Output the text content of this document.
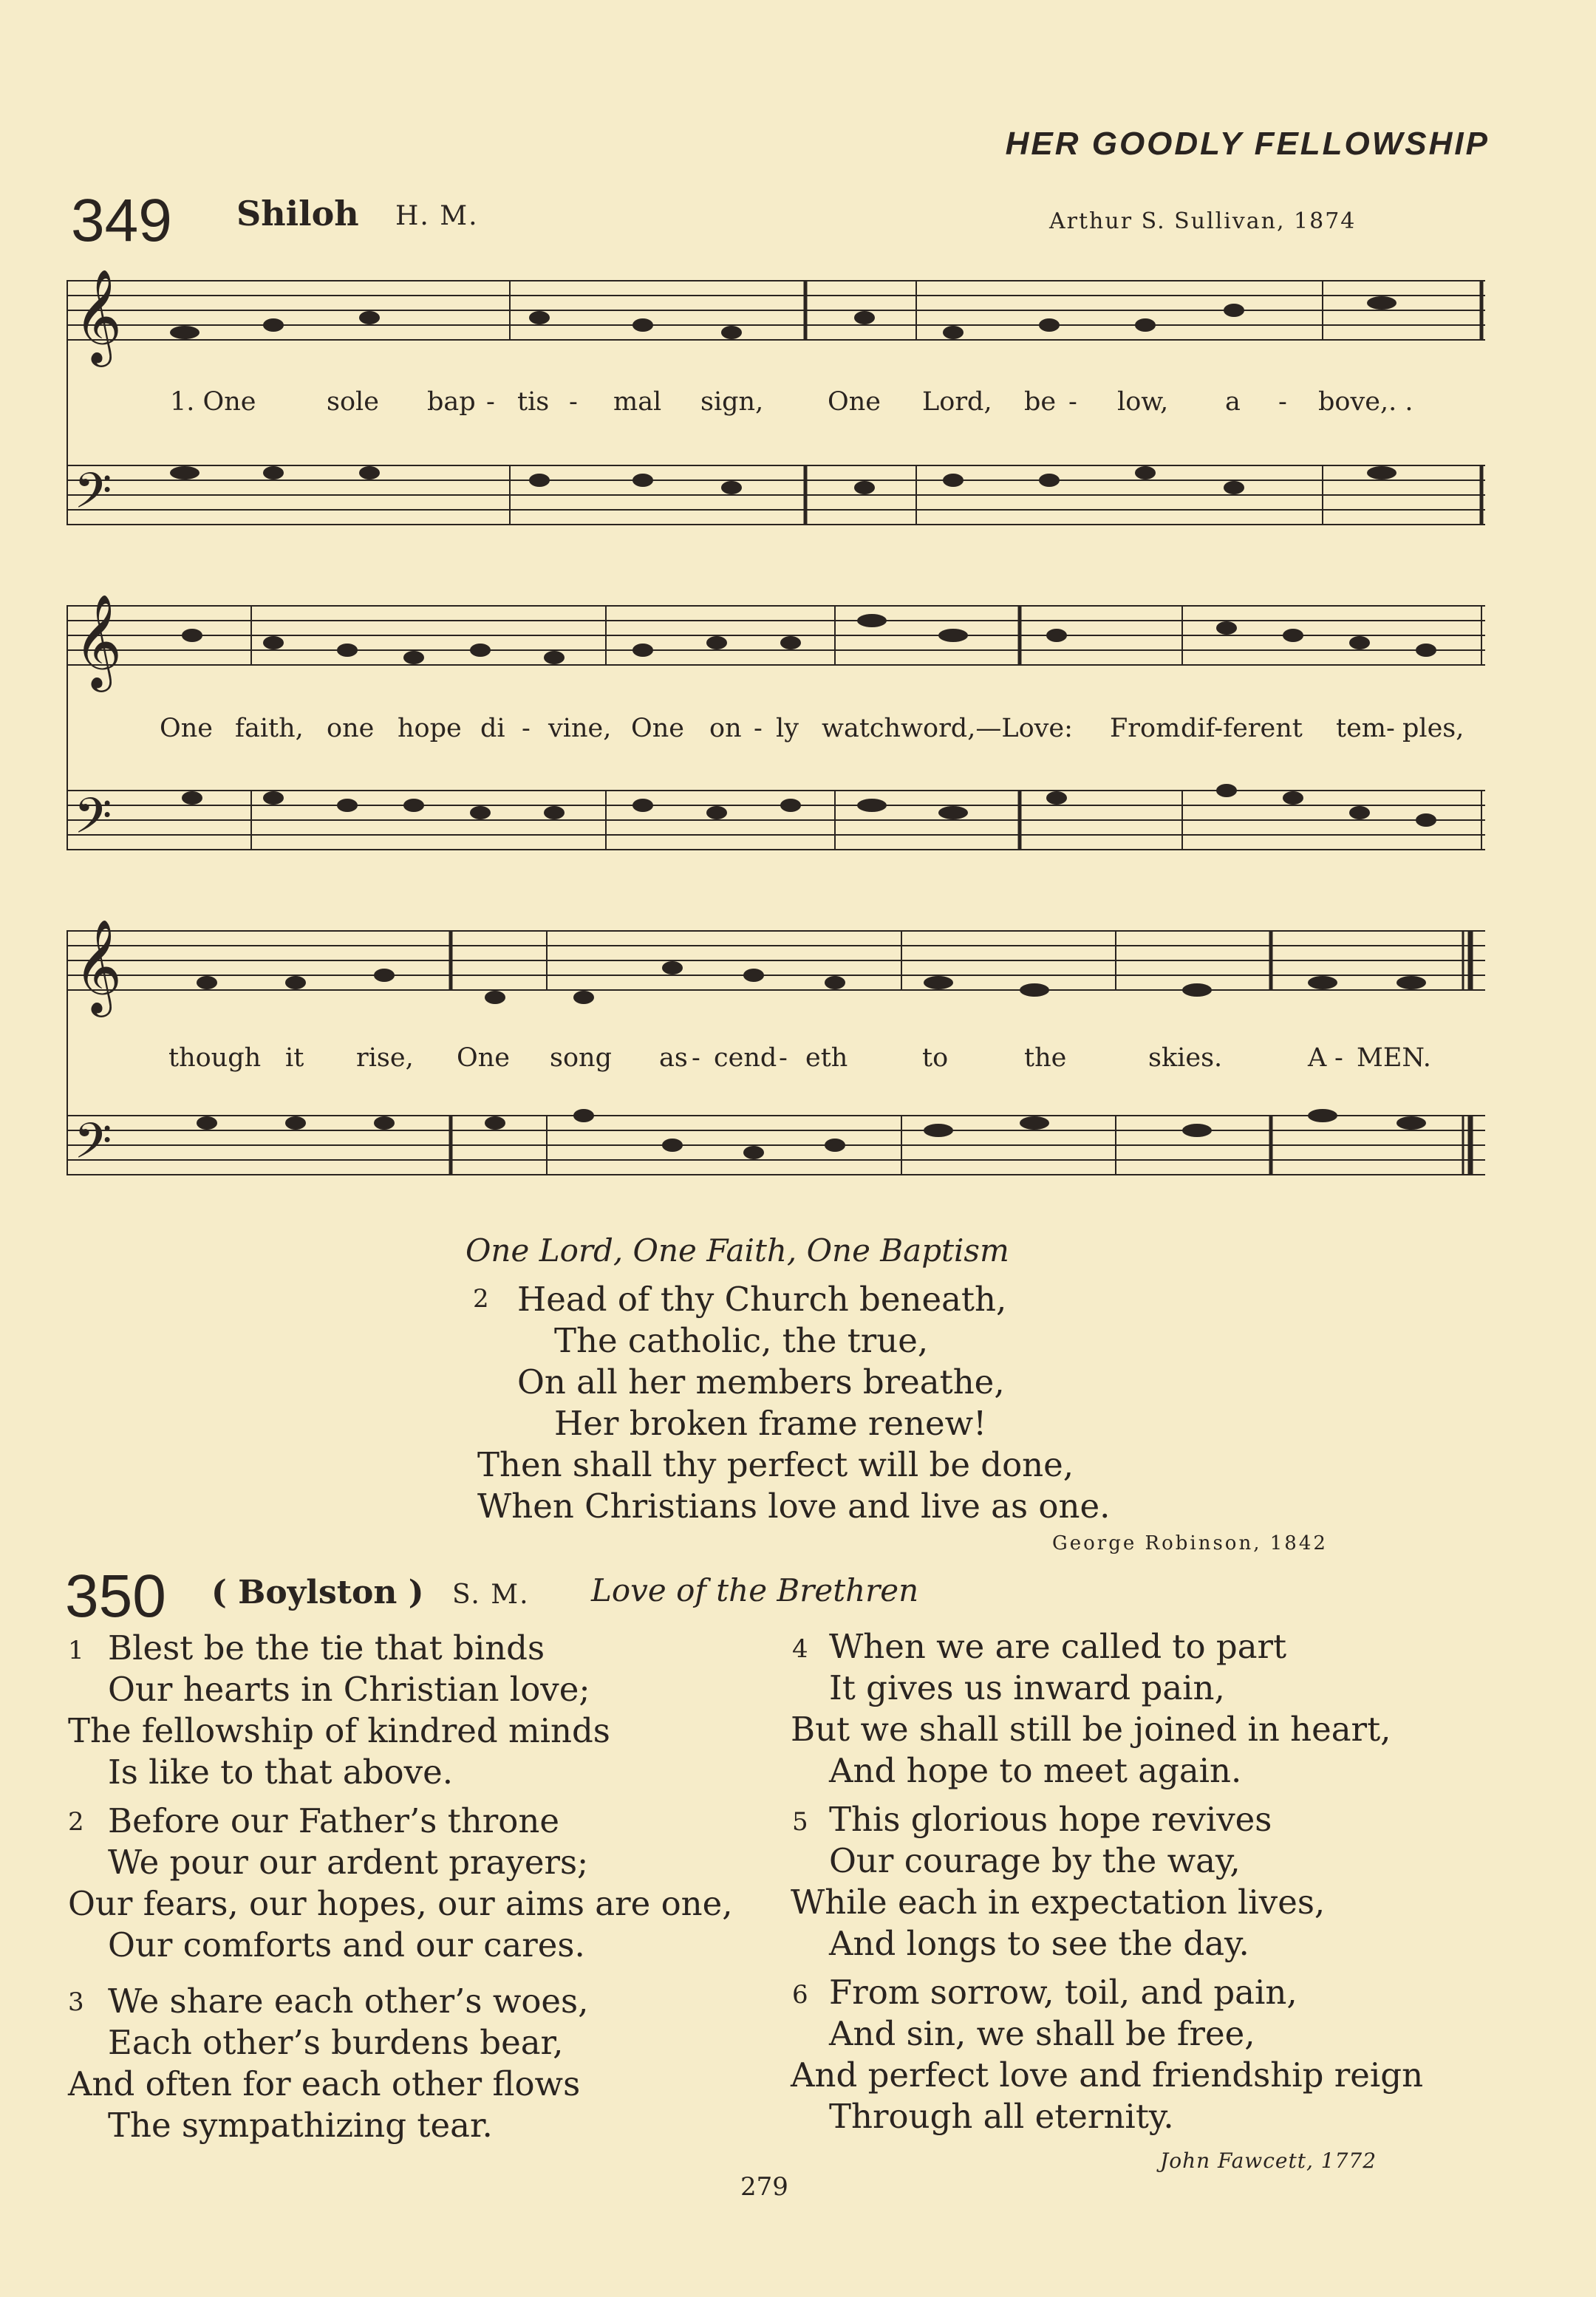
HER GOODLY FELLOWSHIP
349 Shiloh H. M.	Arthur S. Sullivan, 1874
𝄞
𝄢
1. One	sole bap - tis - mal sign, One Lord, be - low, a - bove,. .
𝄞
𝄢
One faith, one hope di - vine, One on - ly watchword,—Love: From dif-ferent tem- ples,
𝄞
𝄢
though it rise, One song as - cend - eth	to	the	skies.	A - MEN.
One Lord, One Faith, One Baptism
2 Head of thy Church beneath,
The catholic, the true,
On all her members breathe,
Her broken frame renew!
Then shall thy perfect will be done,
When Christians love and live as one.
George Robinson, 1842
350 ( Boylston ) S. M. Love of the Brethren
1 Blest be the tie that binds
Our hearts in Christian love;
The fellowship of kindred minds
Is like to that above.
2 Before our Father’s throne
We pour our ardent prayers;
Our fears, our hopes, our aims are one,
Our comforts and our cares.
3 We share each other’s woes,
Each other’s burdens bear,
And often for each other flows
The sympathizing tear.
4 When we are called to part
It gives us inward pain,
But we shall still be joined in heart,
And hope to meet again.
5 This glorious hope revives
Our courage by the way,
While each in expectation lives,
And longs to see the day.
6 From sorrow, toil, and pain,
And sin, we shall be free,
And perfect love and friendship reign
Through all eternity.
John Fawcett, 1772
279
